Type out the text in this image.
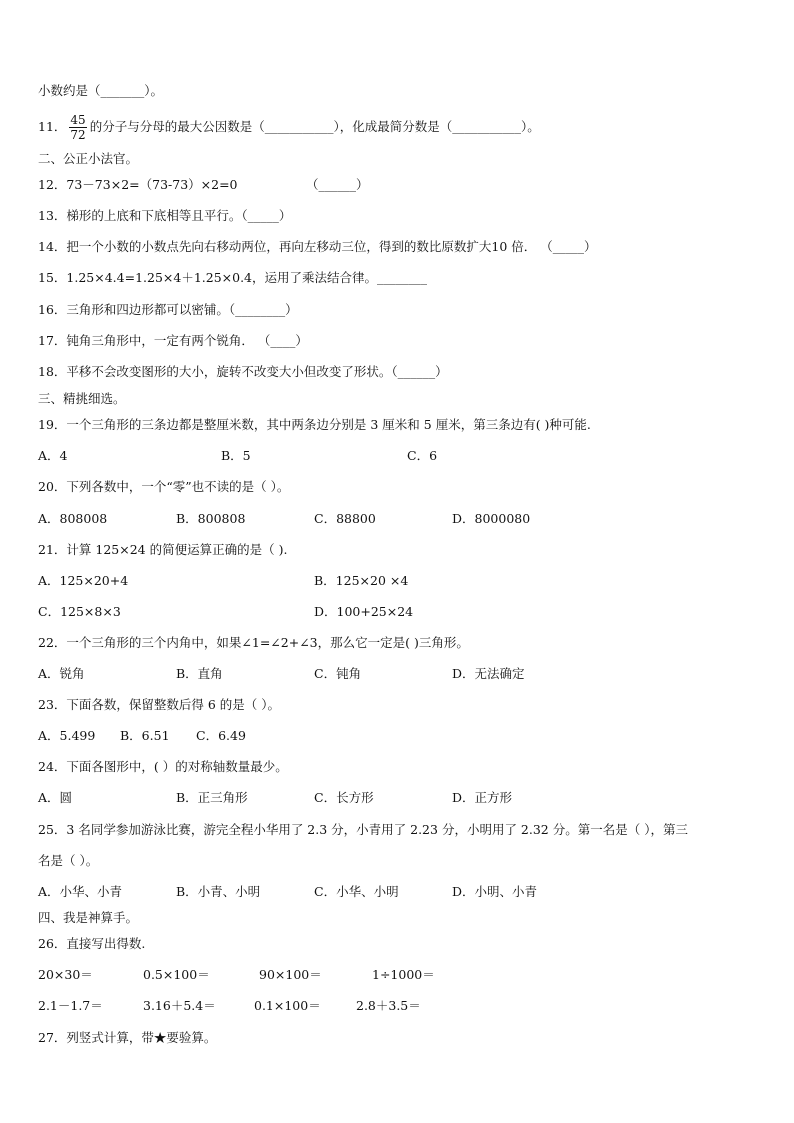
小数约是（_______）。
11． $\frac{45}{72}$ 的分子与分母的最大公因数是（___________），化成最简分数是（___________）。
二、公正小法官。
12．73－73×2=（73-73）×2=0	（______）
13．梯形的上底和下底相等且平行。（_____）
14．把一个小数的小数点先向右移动两位，再向左移动三位，得到的数比原数扩大10 倍． （_____）
15．1.25×4.4=1.25×4＋1.25×0.4，运用了乘法结合律。________
16．三角形和四边形都可以密铺。（________）
17．钝角三角形中，一定有两个锐角． （____）
18．平移不会改变图形的大小，旋转不改变大小但改变了形状。（______）
三、精挑细选。
19．一个三角形的三条边都是整厘米数，其中两条边分别是 3 厘米和 5 厘米，第三条边有( )种可能.
A．4	B．5	C．6
20．下列各数中，一个“零”也不读的是（ ）。
A．808008	B．800808	C．88800	D．8000080
21．计算 125×24 的简便运算正确的是（ ).
A．125×20+4	B．125×20 ×4
C．125×8×3	D．100+25×24
22．一个三角形的三个内角中，如果∠1=∠2+∠3，那么它一定是( )三角形。
A．锐角	B．直角	C．钝角	D．无法确定
23．下面各数，保留整数后得 6 的是（ ）。
A．5.499 B．6.51 C．6.49
24．下面各图形中，( ）的对称轴数量最少。
A．圆	B．正三角形	C．长方形	D．正方形
25．3 名同学参加游泳比赛，游完全程小华用了 2.3 分，小青用了 2.23 分，小明用了 2.32 分。第一名是（ ），第三
名是（ ）。
A．小华、小青	B．小青、小明	C．小华、小明	D．小明、小青
四、我是神算手。
26．直接写出得数.
20×30＝	0.5×100＝	90×100＝	1÷1000＝
2.1－1.7＝	3.16＋5.4＝	0.1×100＝	2.8＋3.5＝
27．列竖式计算，带★要验算。
